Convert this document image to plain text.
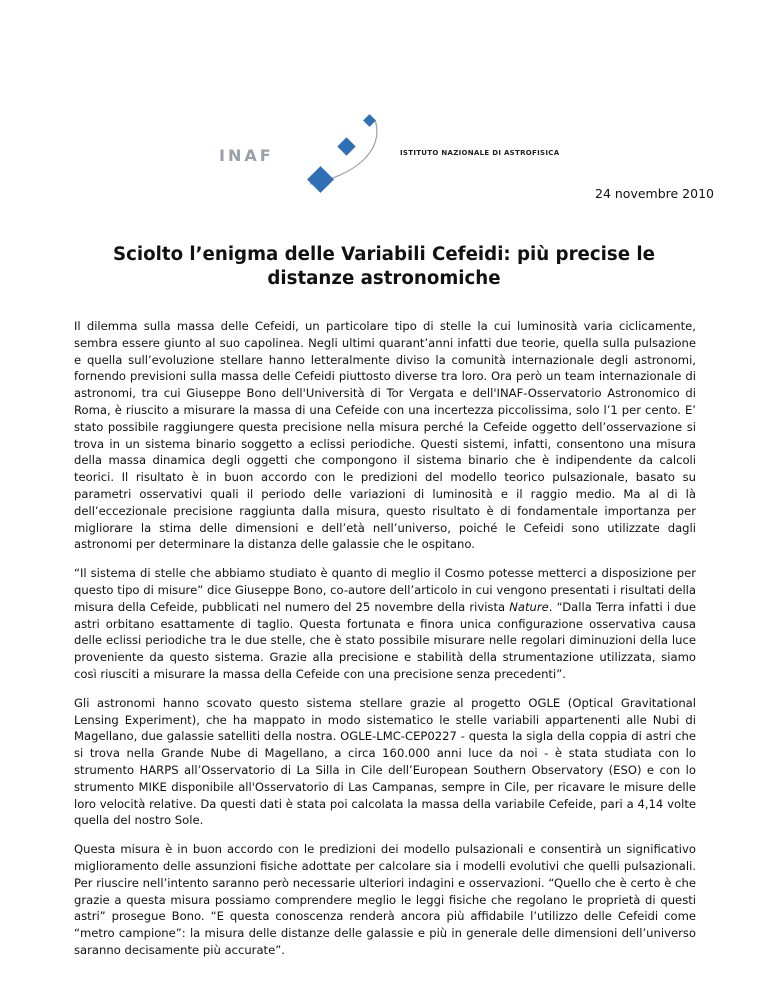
INAF	ISTITUTO NAZIONALE DI ASTROFISICA
24 novembre 2010
Sciolto l’enigma delle Variabili Cefeidi: più precise le distanze astronomiche

Il dilemma sulla massa delle Cefeidi, un particolare tipo di stelle la cui luminosità varia ciclicamente, sembra essere giunto al suo capolinea. Negli ultimi quarant’anni infatti due teorie, quella sulla pulsazione e quella sull’evoluzione stellare hanno letteralmente diviso la comunità internazionale degli astronomi, fornendo previsioni sulla massa delle Cefeidi piuttosto diverse tra loro. Ora però un team internazionale di astronomi, tra cui Giuseppe Bono dell'Università di Tor Vergata e dell'INAF-Osservatorio Astronomico di Roma, è riuscito a misurare la massa di una Cefeide con una incertezza piccolissima, solo l’1 per cento. E’ stato possibile raggiungere questa precisione nella misura perché la Cefeide oggetto dell’osservazione si trova in un sistema binario soggetto a eclissi periodiche. Questi sistemi, infatti, consentono una misura della massa dinamica degli oggetti che compongono il sistema binario che è indipendente da calcoli teorici. Il risultato è in buon accordo con le predizioni del modello teorico pulsazionale, basato su parametri osservativi quali il periodo delle variazioni di luminosità e il raggio medio. Ma al di là dell’eccezionale precisione raggiunta dalla misura, questo risultato è di fondamentale importanza per migliorare la stima delle dimensioni e dell’età nell’universo, poiché le Cefeidi sono utilizzate dagli astronomi per determinare la distanza delle galassie che le ospitano.

“Il sistema di stelle che abbiamo studiato è quanto di meglio il Cosmo potesse metterci a disposizione per questo tipo di misure” dice Giuseppe Bono, co-autore dell’articolo in cui vengono presentati i risultati della misura della Cefeide, pubblicati nel numero del 25 novembre della rivista Nature. “Dalla Terra infatti i due astri orbitano esattamente di taglio. Questa fortunata e finora unica configurazione osservativa causa delle eclissi periodiche tra le due stelle, che è stato possibile misurare nelle regolari diminuzioni della luce proveniente da questo sistema. Grazie alla precisione e stabilità della strumentazione utilizzata, siamo così riusciti a misurare la massa della Cefeide con una precisione senza precedenti”.

Gli astronomi hanno scovato questo sistema stellare grazie al progetto OGLE (Optical Gravitational Lensing Experiment), che ha mappato in modo sistematico le stelle variabili appartenenti alle Nubi di Magellano, due galassie satelliti della nostra. OGLE-LMC-CEP0227 - questa la sigla della coppia di astri che si trova nella Grande Nube di Magellano, a circa 160.000 anni luce da noi - è stata studiata con lo strumento HARPS all’Osservatorio di La Silla in Cile dell’European Southern Observatory (ESO) e con lo strumento MIKE disponibile all'Osservatorio di Las Campanas, sempre in Cile, per ricavare le misure delle loro velocità relative. Da questi dati è stata poi calcolata la massa della variabile Cefeide, pari a 4,14 volte quella del nostro Sole.

Questa misura è in buon accordo con le predizioni dei modello pulsazionali e consentirà un significativo miglioramento delle assunzioni fisiche adottate per calcolare sia i modelli evolutivi che quelli pulsazionali. Per riuscire nell’intento saranno però necessarie ulteriori indagini e osservazioni. “Quello che è certo è che grazie a questa misura possiamo comprendere meglio le leggi fisiche che regolano le proprietà di questi astri” prosegue Bono. “E questa conoscenza renderà ancora più affidabile l’utilizzo delle Cefeidi come “metro campione”: la misura delle distanze delle galassie e più in generale delle dimensioni dell’universo saranno decisamente più accurate”.
